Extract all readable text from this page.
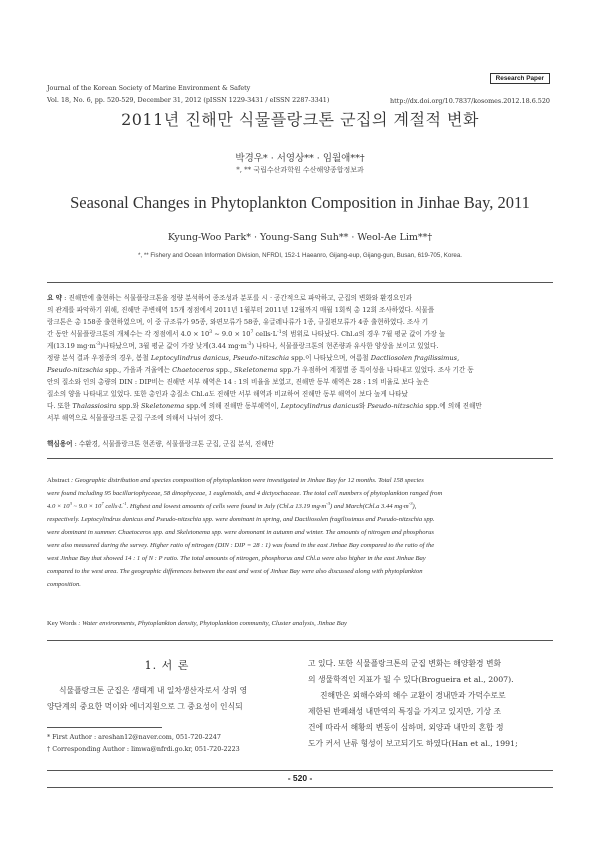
Journal of the Korean Society of Marine Environment & Safety
Vol. 18, No. 6, pp. 520-529, December 31, 2012 (pISSN 1229-3431 / eISSN 2287-3341)
Research Paper
http://dx.doi.org/10.7837/kosomes.2012.18.6.520
2011년 진해만 식물플랑크톤 군집의 계절적 변화
박경우* · 서영상** · 임월애**†
*, ** 국립수산과학원 수산해양종합정보과
Seasonal Changes in Phytoplankton Composition in Jinhae Bay, 2011
Kyung-Woo Park* · Young-Sang Suh** · Weol-Ae Lim**†
*, ** Fishery and Ocean Information Division, NFRDI, 152-1 Haeanro, Gijang-eup, Gijang-gun, Busan, 619-705, Korea.
요 약 : 진해만에 출현하는 식물플랑크톤을 정량 분석하여 종조성과 분포를 시 · 공간적으로 파악하고, 군집의 변화와 환경요인과
의 관계를 파악하기 위해, 진해만 주변해역 15개 정점에서 2011년 1월부터 2011년 12월까지 매월 1회씩 총 12회 조사하였다. 식물플
랑크톤은 총 158종 출현하였으며, 이 중 규조류가 95종, 와편모류가 58종, 유글레나류가 1종, 규질편모류가 4종 출현하였다. 조사 기
간 동안 식물플랑크톤의 개체수는 각 정점에서 $4.0 \times 10^3$ ~ $9.0 \times 10^7$ $cells\cdot L^{-1}$의 범위로 나타났다. Chl.a의 경우 7월 평균 값이 가장 높
게(13.19 $mg\cdot m^{-3}$)나타났으며, 3월 평균 값이 가장 낮게(3.44 $mg\cdot m^{-3}$) 나타나, 식물플랑크톤의 현존량과 유사한 양상을 보이고 있었다.
정량 분석 결과 우점종의 경우, 봄철 Leptocylindrus danicus, Pseudo-nitzschia spp.이 나타났으며, 여름철 Dactliosolen fragilissimus,
Pseudo-nitzschia spp., 가을과 겨울에는 Chaetoceros spp., Skeletonema spp.가 우점하여 계절별 종 특이성을 나타내고 있었다. 조사 기간 동
안의 질소와 인의 총량의 DIN : DIP비는 진해만 서부 해역은 14 : 1의 비율을 보였고, 진해만 동부 해역은 28 : 1의 비율로 보다 높은
질소의 양을 나타내고 있었다. 또한 총인과 총질소 Chl.a도 진해만 서부 해역과 비교하여 진해만 동부 해역이 보다 높게 나타났
다. 또한 Thalassiosira spp.와 Skeletonema spp.에 의해 진해만 동부해역이, Leptocylindrus danicus와 Pseudo-nitzschia spp.에 의해 진해만
서부 해역으로 식물플랑크톤 군집 구조에 의해서 나뉘어 졌다.
핵심용어 : 수환경, 식물플랑크톤 현존량, 식물플랑크톤 군집, 군집 분석, 진해만
Abstract : Geographic distribution and species composition of phytoplankton were investigated in Jinhae Bay for 12 months. Total 158 species
were found including 95 bacillariophyceae, 58 dinophyceae, 1 euglenoids, and 4 dictyochaceae. The total cell numbers of phytoplankton ranged from
$4.0 \times 10^3$ ~ $9.0 \times 10^7$ $cells\cdot L^{-1}$. Highest and lowest amounts of cells were found in July (Chl.a 13.19 $mg\cdot m^{-3}$) and March(Chl.a 3.44 $mg\cdot m^{-3}$),
respectively. Leptocylindrus danicus and Pseudo-nitzschia spp. were dominant in spring, and Dactliosolen fragilissimus and Pseudo-nitzschia spp.
were dominant in summer. Chaetoceros spp. and Skeletonema spp. were domonant in autumn and winter. The amounts of nitrogen and phosphorus
were also measured during the survey. Higher ratio of nitrogen (DIN : DIP = 28 : 1) was found in the east Jinhae Bay compared to the ratio of the
west Jinhae Bay that showed 14 : 1 of N : P ratio. The total amounts of nitrogen, phosphorus and Chl.a were also higher in the east Jinhae Bay
compared to the west area. The geographic differences between the east and west of Jinhae Bay were also discussed along with phytoplankton
composition.
Key Words : Water environments, Phytoplankton density, Phytoplankton community, Cluster analysis, Jinhae Bay
1. 서 론
식물플랑크톤 군집은 생태계 내 일차생산자로서 상위 영
양단계의 중요한 먹이와 에너지원으로 그 중요성이 인식되

고 있다. 또한 식물플랑크톤의 군집 변화는 해양환경 변화

의 생물학적인 지표가 될 수 있다(Brogueira et al., 2007).

진해만은 외해수와의 해수 교환이 경내만과 가덕수로로

제한된 반폐쇄성 내만역의 특징을 가지고 있지만, 기상 조

건에 따라서 해황의 변동이 심하며, 외양과 내만의 혼합 정

도가 커서 난류 형성이 보고되기도 하였다(Han et al., 1991;

* First Author : areshan12@naver.com, 051-720-2247
† Corresponding Author : limwa@nfrdi.go.kr, 051-720-2223
- 520 -
